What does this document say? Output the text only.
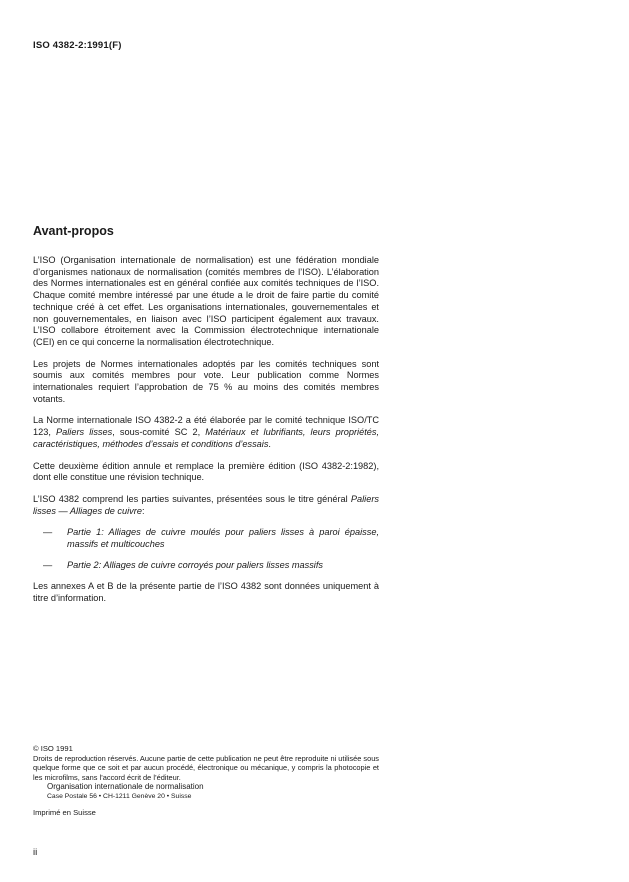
ISO 4382-2:1991(F)
Avant-propos

L’ISO (Organisation internationale de normalisation) est une fédération mondiale d’organismes nationaux de normalisation (comités membres de l’ISO). L’élaboration des Normes internationales est en général confiée aux comités techniques de l’ISO. Chaque comité membre intéressé par une étude a le droit de faire partie du comité technique créé à cet effet. Les organisations internationales, gouvernementales et non gouvernementales, en liaison avec l’ISO participent également aux travaux. L’ISO collabore étroitement avec la Commission électrotechnique internationale (CEI) en ce qui concerne la normalisation électrotechnique.

Les projets de Normes internationales adoptés par les comités techniques sont soumis aux comités membres pour vote. Leur publication comme Normes internationales requiert l’approbation de 75 % au moins des comités membres votants.

La Norme internationale ISO 4382-2 a été élaborée par le comité technique ISO/TC 123, Paliers lisses, sous-comité SC 2, Matériaux et lubrifiants, leurs propriétés, caractéristiques, méthodes d’essais et conditions d’essais.

Cette deuxième édition annule et remplace la première édition (ISO 4382-2:1982), dont elle constitue une révision technique.

L’ISO 4382 comprend les parties suivantes, présentées sous le titre général Paliers lisses — Alliages de cuivre:

— Partie 1: Alliages de cuivre moulés pour paliers lisses à paroi épaisse, massifs et multicouches
— Partie 2: Alliages de cuivre corroyés pour paliers lisses massifs

Les annexes A et B de la présente partie de l’ISO 4382 sont données uniquement à titre d’information.

© ISO 1991
Droits de reproduction réservés. Aucune partie de cette publication ne peut être reproduite ni utilisée sous quelque forme que ce soit et par aucun procédé, électronique ou mécanique, y compris la photocopie et les microfilms, sans l’accord écrit de l’éditeur.
Organisation internationale de normalisation
Case Postale 56 • CH-1211 Genève 20 • Suisse
Imprimé en Suisse
ii
